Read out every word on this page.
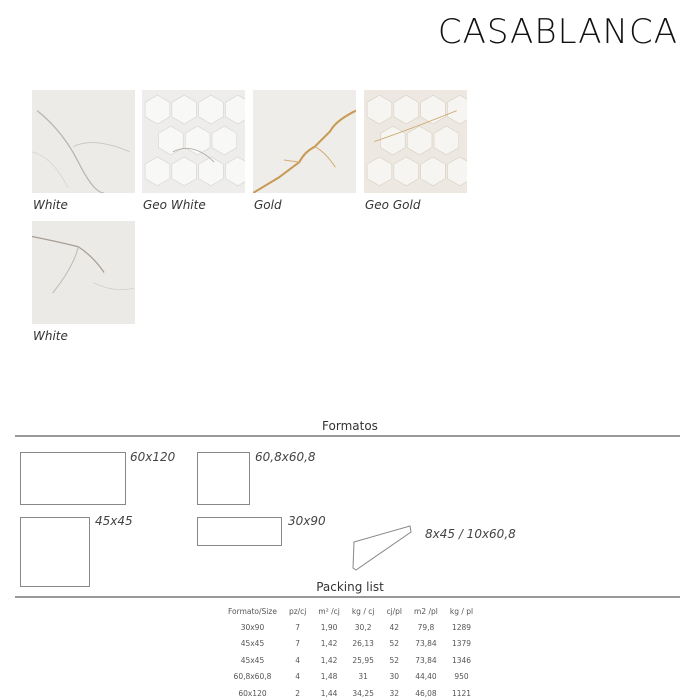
CASABLANCA
White	Geo White	Gold	Geo Gold
White
Formatos
60x120	60,8x60,8
45x45	30x90
8x45 / 10x60,8
Packing list
Formato/Size	pz/cj	m² /cj	kg / cj	cj/pl	m2 /pl	kg / pl
30x90	7	1,90	30,2	42	79,8	1289
45x45	7	1,42	26,13	52	73,84	1379
45x45	4	1,42	25,95	52	73,84	1346
60,8x60,8	4	1,48	31	30	44,40	950
60x120	2	1,44	34,25	32	46,08	1121
